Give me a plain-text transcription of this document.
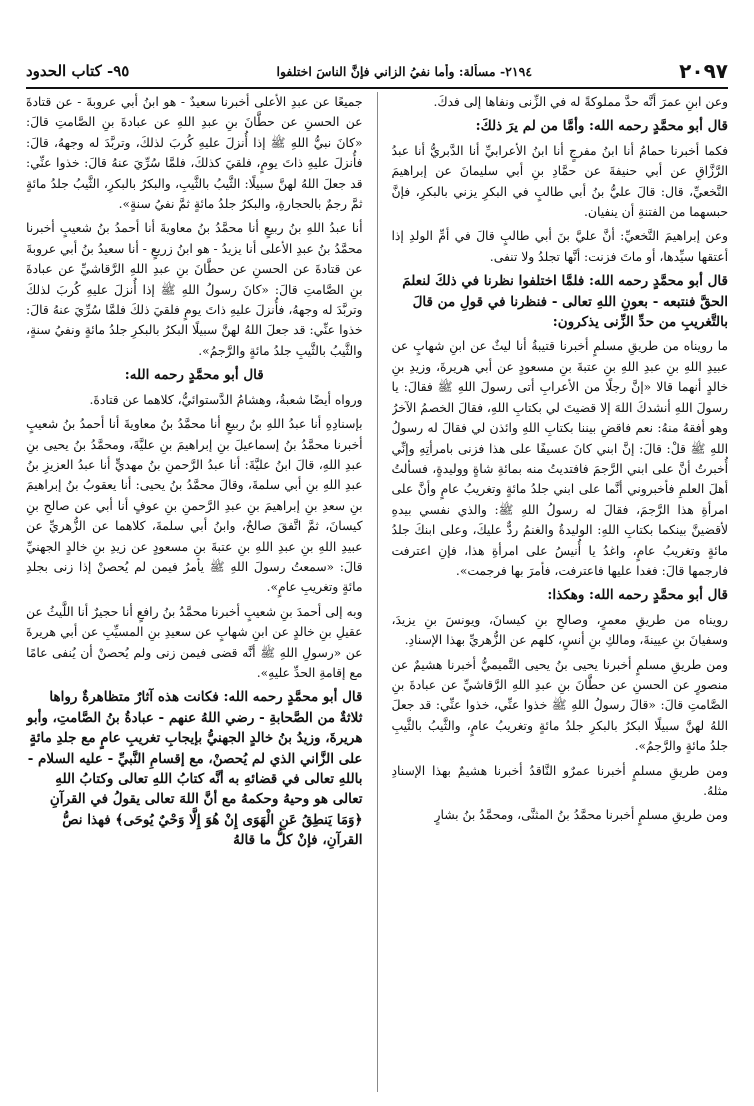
٢٠٩٧
٢١٩٤- مسألة: وأما نفيُ الزاني فإنَّ الناسَ اختلفوا
٩٥- كتاب الحدود

وعن ابنِ عمرَ أنَّه حدَّ مملوكةً له في الزِّنى ونفاها إلى فدكَ.

قال أبو محمَّدٍ رحمه الله: وأمَّا من لم يرَ ذلكَ:

فكما أخبرنا حمامُ أنا ابنُ مفرجٍ أنا ابنُ الأعرابيِّ أنا الدَّبريُّ أنا عبدُ الرَّزَّاقِ عن أبي حنيفةَ عن حمَّادِ بنِ أبي سليمانَ عن إبراهيمَ النَّخعيِّ، قال: قالَ عليُّ بنُ أبي طالبٍ في البكرِ يزني بالبكرِ، فإنَّ حبسهما من الفتنةِ أن ينفيان.

وعن إبراهيمَ النَّخعيِّ: أنَّ عليَّ بنَ أبي طالبٍ قالَ في أمِّ الولدِ إذا أعتقها سيِّدها، أو ماتَ فزنت: أنَّها تجلدُ ولا تنفى.

قال أبو محمَّدٍ رحمه الله: فلمَّا اختلفوا نظرنا في ذلكَ لنعلمَ الحقَّ فنتبعه - بعونِ اللهِ تعالى - فنظرنا في قولِ من قالَ بالتَّغريبِ من حدِّ الزِّنى يذكرون:

ما رويناه من طريقِ مسلمٍ أخبرنا قتيبةُ أنا ليثٌ عن ابنِ شهابٍ عن عبيدِ اللهِ بنِ عبدِ اللهِ بنِ عتبةَ بنِ مسعودٍ عن أبي هريرةَ، وزيدِ بنِ خالدٍ أنهما قالا «إنَّ رجلًا من الأعرابِ أتى رسولَ اللهِ ﷺ فقالَ: يا رسولَ اللهِ أنشدكَ اللهَ إلا قضيتَ لي بكتابِ اللهِ، فقالَ الخصمُ الآخرُ وهو أفقهُ منهُ: نعم فاقضِ بيننا بكتابِ اللهِ وائذن لي فقالَ له رسولُ اللهِ ﷺ قلْ: قالَ: إنَّ ابني كانَ عسيفًا على هذا فزنى بامرأتِهِ وإنِّي أُخبرتُ أنَّ على ابني الرَّجمَ فافتديتُ منه بمائةِ شاةٍ ووليدةٍ، فسألتُ أهلَ العلمِ فأخبروني أنَّما على ابني جلدُ مائةٍ وتغريبُ عامٍ وأنَّ على امرأةِ هذا الرَّجمَ، فقالَ له رسولُ اللهِ ﷺ: والذي نفسي بيدهِ لأقضينَّ بينكما بكتابِ اللهِ: الوليدةُ والغنمُ ردٌّ عليكَ، وعلى ابنكَ جلدُ مائةٍ وتغريبُ عامٍ، واغدُ يا أُنيسُ على امرأةِ هذا، فإنِ اعترفت فارجمها قالَ: فغدا عليها فاعترفت، فأمرَ بها فرجمت».

قال أبو محمَّدٍ رحمه الله: وهكذا:

رويناه من طريقِ معمرٍ، وصالحِ بنِ كيسانَ، ويونسَ بنِ يزيدَ، وسفيانَ بنِ عيينةَ، ومالكِ بنِ أنسٍ، كلهم عن الزُّهريِّ بهذا الإسنادِ.

ومن طريقِ مسلمٍ أخبرنا يحيى بنُ يحيى التَّميميُّ أخبرنا هشيمٌ عن منصورٍ عن الحسنِ عن حطَّانَ بنِ عبدِ اللهِ الرَّقاشيِّ عن عبادةَ بنِ الصَّامتِ قالَ: «قالَ رسولُ اللهِ ﷺ خذوا عنِّي، خذوا عنِّي: قد جعلَ اللهُ لهنَّ سبيلًا البكرُ بالبكرِ جلدُ مائةٍ وتغريبُ عامٍ، والثَّيبُ بالثَّيبِ جلدُ مائةٍ والرَّجمُ».

ومن طريقِ مسلمٍ أخبرنا عمرٌو النَّاقدُ أخبرنا هشيمٌ بهذا الإسنادِ مثلهُ.

ومن طريقِ مسلمٍ أخبرنا محمَّدُ بنُ المثنَّى، ومحمَّدُ بنُ بشارٍ

جميعًا عن عبدِ الأعلى أخبرنا سعيدٌ - هو ابنُ أبي عروبةَ - عن قتادةَ عن الحسنِ عن حطَّانَ بنِ عبدِ اللهِ عن عبادةَ بنِ الصَّامتِ قالَ: «كانَ نبيُّ اللهِ ﷺ إذا أُنزلَ عليهِ كُربَ لذلكَ، وتربَّدَ له وجههُ، قالَ: فأُنزلَ عليهِ ذاتَ يومٍ، فلقيَ كذلكَ، فلمَّا سُرِّيَ عنهُ قالَ: خذوا عنِّي: قد جعلَ اللهُ لهنَّ سبيلًا: الثَّيبُ بالثَّيبِ، والبكرُ بالبكرِ، الثَّيبُ جلدُ مائةٍ ثمَّ رجمٌ بالحجارةِ، والبكرُ جلدُ مائةٍ ثمَّ نفيُ سنةٍ».

أنا عبدُ اللهِ بنُ ربيعٍ أنا محمَّدُ بنُ معاويةَ أنا أحمدُ بنُ شعيبٍ أخبرنا محمَّدُ بنُ عبدِ الأعلى أنا يزيدُ - هو ابنُ زريعٍ - أنا سعيدُ بنُ أبي عروبةَ عن قتادةَ عن الحسنِ عن حطَّانَ بنِ عبدِ اللهِ الرَّقاشيِّ عن عبادةَ بنِ الصَّامتِ قالَ: «كانَ رسولُ اللهِ ﷺ إذا أُنزلَ عليهِ كُربَ لذلكَ وتربَّدَ له وجههُ، فأُنزلَ عليهِ ذاتَ يومٍ فلقيَ ذلكَ فلمَّا سُرِّيَ عنهُ قالَ: خذوا عنِّي: قد جعلَ اللهُ لهنَّ سبيلًا البكرُ بالبكرِ جلدُ مائةٍ ونفيُ سنةٍ، والثَّيبُ بالثَّيبِ جلدُ مائةٍ والرَّجمُ».

قال أبو محمَّدٍ رحمه الله:

ورواه أيضًا شعبةُ، وهشامُ الدَّستوائيُّ، كلاهما عن قتادةَ.

بإسنادِهِ أنا عبدُ اللهِ بنُ ربيعٍ أنا محمَّدُ بنُ معاويةَ أنا أحمدُ بنُ شعيبٍ أخبرنا محمَّدُ بنُ إسماعيلَ بنِ إبراهيمَ بنِ عليَّةَ، ومحمَّدُ بنُ يحيى بنِ عبدِ اللهِ، قالَ ابنُ عليَّةَ: أنا عبدُ الرَّحمنِ بنُ مهديٍّ أنا عبدُ العزيزِ بنُ عبدِ اللهِ بنِ أبي سلمةَ، وقالَ محمَّدُ بنُ يحيى: أنا يعقوبُ بنُ إبراهيمَ بنِ سعدِ بنِ إبراهيمَ بنِ عبدِ الرَّحمنِ بنِ عوفٍ أنا أبي عن صالحِ بنِ كيسانَ، ثمَّ اتَّفقَ صالحٌ، وابنُ أبي سلمةَ، كلاهما عن الزُّهريِّ عن عبيدِ اللهِ بنِ عبدِ اللهِ بنِ عتبةَ بنِ مسعودٍ عن زيدِ بنِ خالدٍ الجهنيِّ قالَ: «سمعتُ رسولَ اللهِ ﷺ يأمرُ فيمن لم يُحصنْ إذا زنى بجلدِ مائةٍ وتغريبِ عامٍ».

وبه إلى أحمدَ بنِ شعيبٍ أخبرنا محمَّدُ بنُ رافعٍ أنا حجيرٌ أنا اللَّيثُ عن عقيلِ بنِ خالدٍ عن ابنِ شهابٍ عن سعيدِ بنِ المسيِّبِ عن أبي هريرةَ عن «رسولِ اللهِ ﷺ أنَّه قضى فيمن زنى ولم يُحصنْ أن يُنفى عامًا مع إقامةِ الحدِّ عليهِ».

قال أبو محمَّدٍ رحمه الله: فكانت هذه آثارٌ متظاهرةٌ رواها ثلاثةٌ من الصَّحابةِ - رضي اللهُ عنهم - عبادةُ بنُ الصَّامتِ، وأبو هريرةَ، وزيدُ بنُ خالدٍ الجهنيُّ بإيجابِ تغريبِ عامٍ مع جلدِ مائةٍ على الزَّاني الذي لم يُحصنْ، مع إقسامِ النَّبيِّ - عليه السلام - باللهِ تعالى في قضائهِ به أنَّه كتابُ اللهِ تعالى وكتابُ اللهِ تعالى هو وحيهُ وحكمهُ مع أنَّ اللهَ تعالى يقولُ في القرآنِ ﴿وَمَا يَنطِقُ عَنِ الْهَوَى إِنْ هُوَ إِلَّا وَحْيٌ يُوحَى﴾ فهذا نصُّ القرآنِ، فإنْ كلُّ ما قالهُ
